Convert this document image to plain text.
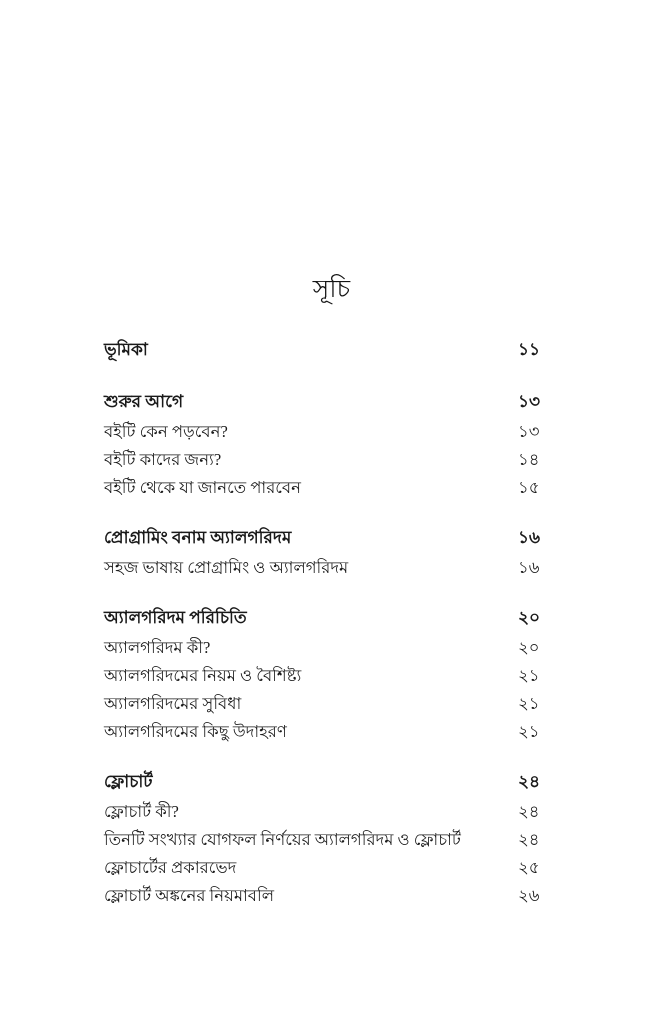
সূচি
ভূমিকা	১১
শুরুর আগে	১৩
বইটি কেন পড়বেন?	১৩
বইটি কাদের জন্য?	১৪
বইটি থেকে যা জানতে পারবেন	১৫
প্রোগ্রামিং বনাম অ্যালগরিদম	১৬
সহজ ভাষায় প্রোগ্রামিং ও অ্যালগরিদম	১৬
অ্যালগরিদম পরিচিতি	২০
অ্যালগরিদম কী?	২০
অ্যালগরিদমের নিয়ম ও বৈশিষ্ট্য	২১
অ্যালগরিদমের সুবিধা	২১
অ্যালগরিদমের কিছু উদাহরণ	২১
ফ্লোচার্ট	২৪
ফ্লোচার্ট কী?	২৪
তিনটি সংখ্যার যোগফল নির্ণয়ের অ্যালগরিদম ও ফ্লোচার্ট	২৪
ফ্লোচার্টের প্রকারভেদ	২৫
ফ্লোচার্ট অঙ্কনের নিয়মাবলি	২৬
